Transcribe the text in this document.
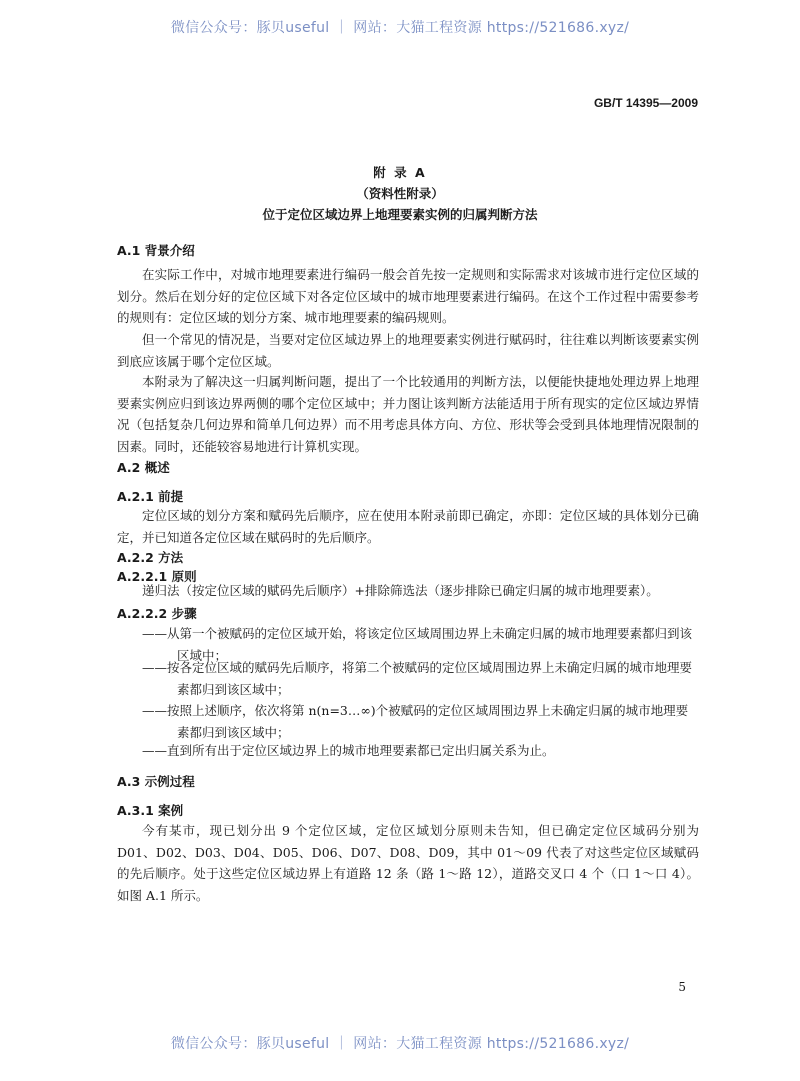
微信公众号：豚贝useful ｜ 网站：大猫工程资源 https://521686.xyz/
GB/T 14395—2009
附 录 A
（资料性附录）
位于定位区域边界上地理要素实例的归属判断方法
A.1 背景介绍
在实际工作中，对城市地理要素进行编码一般会首先按一定规则和实际需求对该城市进行定位区域的划分。然后在划分好的定位区域下对各定位区域中的城市地理要素进行编码。在这个工作过程中需要参考的规则有：定位区域的划分方案、城市地理要素的编码规则。
但一个常见的情况是，当要对定位区域边界上的地理要素实例进行赋码时，往往难以判断该要素实例到底应该属于哪个定位区域。
本附录为了解决这一归属判断问题，提出了一个比较通用的判断方法，以便能快捷地处理边界上地理要素实例应归到该边界两侧的哪个定位区域中；并力图让该判断方法能适用于所有现实的定位区域边界情况（包括复杂几何边界和简单几何边界）而不用考虑具体方向、方位、形状等会受到具体地理情况限制的因素。同时，还能较容易地进行计算机实现。
A.2 概述
A.2.1 前提
定位区域的划分方案和赋码先后顺序，应在使用本附录前即已确定，亦即：定位区域的具体划分已确定，并已知道各定位区域在赋码时的先后顺序。
A.2.2 方法
A.2.2.1 原则
递归法（按定位区域的赋码先后顺序）+排除筛选法（逐步排除已确定归属的城市地理要素）。
A.2.2.2 步骤
——从第一个被赋码的定位区域开始，将该定位区域周围边界上未确定归属的城市地理要素都归到该区域中；
——按各定位区域的赋码先后顺序，将第二个被赋码的定位区域周围边界上未确定归属的城市地理要素都归到该区域中；
——按照上述顺序，依次将第 n(n=3…∞)个被赋码的定位区域周围边界上未确定归属的城市地理要素都归到该区域中；
——直到所有出于定位区域边界上的城市地理要素都已定出归属关系为止。
A.3 示例过程
A.3.1 案例
今有某市，现已划分出 9 个定位区域，定位区域划分原则未告知，但已确定定位区域码分别为 D01、D02、D03、D04、D05、D06、D07、D08、D09，其中 01～09 代表了对这些定位区域赋码的先后顺序。处于这些定位区域边界上有道路 12 条（路 1～路 12），道路交叉口 4 个（口 1～口 4）。如图 A.1 所示。
5
微信公众号：豚贝useful ｜ 网站：大猫工程资源 https://521686.xyz/
